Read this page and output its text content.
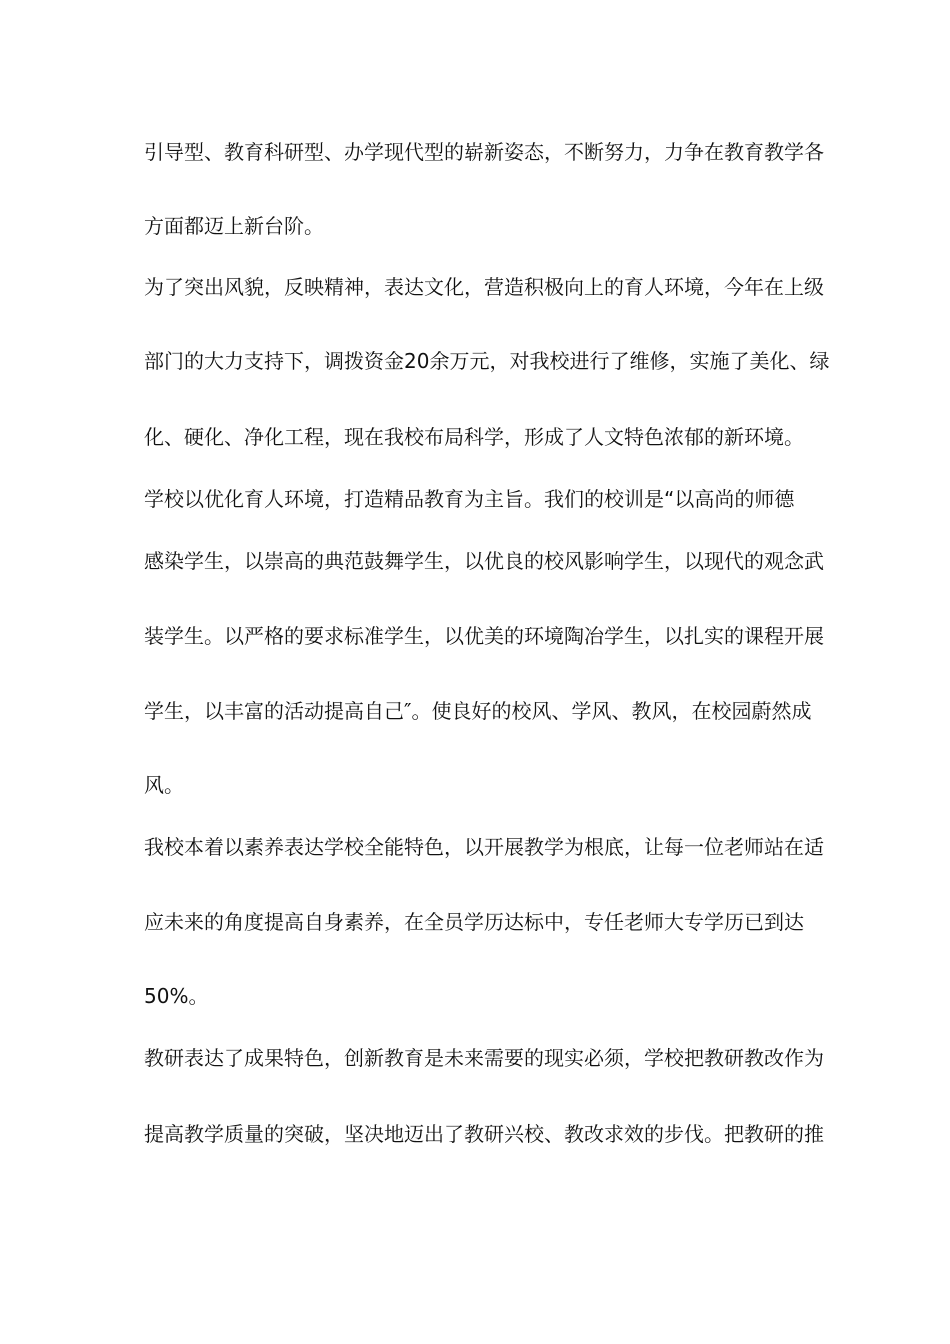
引导型、教育科研型、办学现代型的崭新姿态，不断努力，力争在教育教学各
方面都迈上新台阶。
为了突出风貌，反映精神，表达文化，营造积极向上的育人环境，今年在上级
部门的大力支持下，调拨资金20余万元，对我校进行了维修，实施了美化、绿
化、硬化、净化工程，现在我校布局科学，形成了人文特色浓郁的新环境。
学校以优化育人环境，打造精品教育为主旨。我们的校训是“以高尚的师德
感染学生，以崇高的典范鼓舞学生，以优良的校风影响学生，以现代的观念武
装学生。以严格的要求标准学生，以优美的环境陶冶学生，以扎实的课程开展
学生，以丰富的活动提高自己″。使良好的校风、学风、教风，在校园蔚然成
风。
我校本着以素养表达学校全能特色，以开展教学为根底，让每一位老师站在适
应未来的角度提高自身素养，在全员学历达标中，专任老师大专学历已到达
50%。
教研表达了成果特色，创新教育是未来需要的现实必须，学校把教研教改作为
提高教学质量的突破，坚决地迈出了教研兴校、教改求效的步伐。把教研的推
